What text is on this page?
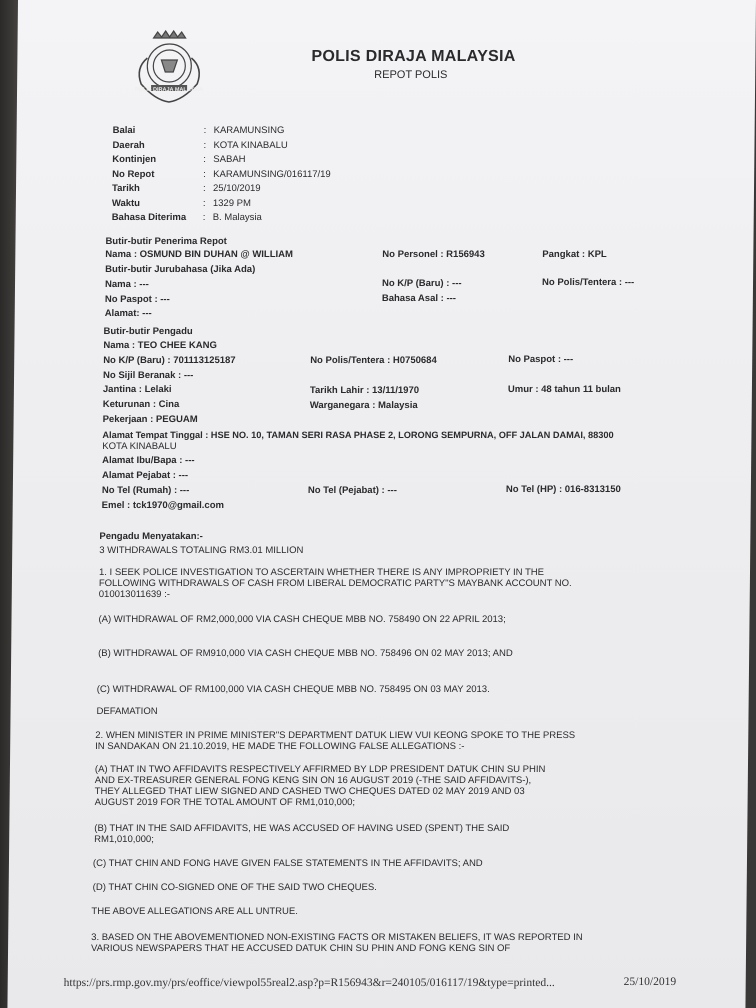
POLIS DIRAJA MALAYSIA
POLIS DIRAJA MALAYSIA
REPOT POLIS
Balai	: KARAMUNSING
Daerah	: KOTA KINABALU
Kontinjen	: SABAH
No Repot	: KARAMUNSING/016117/19
Tarikh	: 25/10/2019
Waktu	: 1329 PM
Bahasa Diterima : B. Malaysia
Butir-butir Penerima Repot
Nama : OSMUND BIN DUHAN @ WILLIAM	No Personel : R156943	Pangkat : KPL
Butir-butir Jurubahasa (Jika Ada)
Nama : ---	No K/P (Baru) : ---	No Polis/Tentera : ---
No Paspot : ---	Bahasa Asal : ---
Alamat: ---
Butir-butir Pengadu
Nama : TEO CHEE KANG
No K/P (Baru) : 701113125187	No Polis/Tentera : H0750684	No Paspot : ---
No Sijil Beranak : ---
Jantina : Lelaki	Tarikh Lahir : 13/11/1970	Umur : 48 tahun 11 bulan
Keturunan : Cina	Warganegara : Malaysia
Pekerjaan : PEGUAM
Alamat Tempat Tinggal : HSE NO. 10, TAMAN SERI RASA PHASE 2, LORONG SEMPURNA, OFF JALAN DAMAI, 88300
KOTA KINABALU
Alamat Ibu/Bapa : ---
Alamat Pejabat : ---
No Tel (Rumah) : ---	No Tel (Pejabat) : ---	No Tel (HP) : 016-8313150
Emel : tck1970@gmail.com
Pengadu Menyatakan:-
3 WITHDRAWALS TOTALING RM3.01 MILLION
1. I SEEK POLICE INVESTIGATION TO ASCERTAIN WHETHER THERE IS ANY IMPROPRIETY IN THE FOLLOWING WITHDRAWALS OF CASH FROM LIBERAL DEMOCRATIC PARTY"S MAYBANK ACCOUNT NO. 010013011639 :-
(A) WITHDRAWAL OF RM2,000,000 VIA CASH CHEQUE MBB NO. 758490 ON 22 APRIL 2013;
(B) WITHDRAWAL OF RM910,000 VIA CASH CHEQUE MBB NO. 758496 ON 02 MAY 2013; AND
(C) WITHDRAWAL OF RM100,000 VIA CASH CHEQUE MBB NO. 758495 ON 03 MAY 2013.
DEFAMATION
2. WHEN MINISTER IN PRIME MINISTER"S DEPARTMENT DATUK LIEW VUI KEONG SPOKE TO THE PRESS IN SANDAKAN ON 21.10.2019, HE MADE THE FOLLOWING FALSE ALLEGATIONS :-
(A) THAT IN TWO AFFIDAVITS RESPECTIVELY AFFIRMED BY LDP PRESIDENT DATUK CHIN SU PHIN AND EX-TREASURER GENERAL FONG KENG SIN ON 16 AUGUST 2019 (-THE SAID AFFIDAVITS-), THEY ALLEGED THAT LIEW SIGNED AND CASHED TWO CHEQUES DATED 02 MAY 2019 AND 03 AUGUST 2019 FOR THE TOTAL AMOUNT OF RM1,010,000;
(B) THAT IN THE SAID AFFIDAVITS, HE WAS ACCUSED OF HAVING USED (SPENT) THE SAID RM1,010,000;
(C) THAT CHIN AND FONG HAVE GIVEN FALSE STATEMENTS IN THE AFFIDAVITS; AND
(D) THAT CHIN CO-SIGNED ONE OF THE SAID TWO CHEQUES.
THE ABOVE ALLEGATIONS ARE ALL UNTRUE.
3. BASED ON THE ABOVEMENTIONED NON-EXISTING FACTS OR MISTAKEN BELIEFS, IT WAS REPORTED IN VARIOUS NEWSPAPERS THAT HE ACCUSED DATUK CHIN SU PHIN AND FONG KENG SIN OF
https://prs.rmp.gov.my/prs/eoffice/viewpol55real2.asp?p=R156943&r=240105/016117/19&type=printed...	25/10/2019
